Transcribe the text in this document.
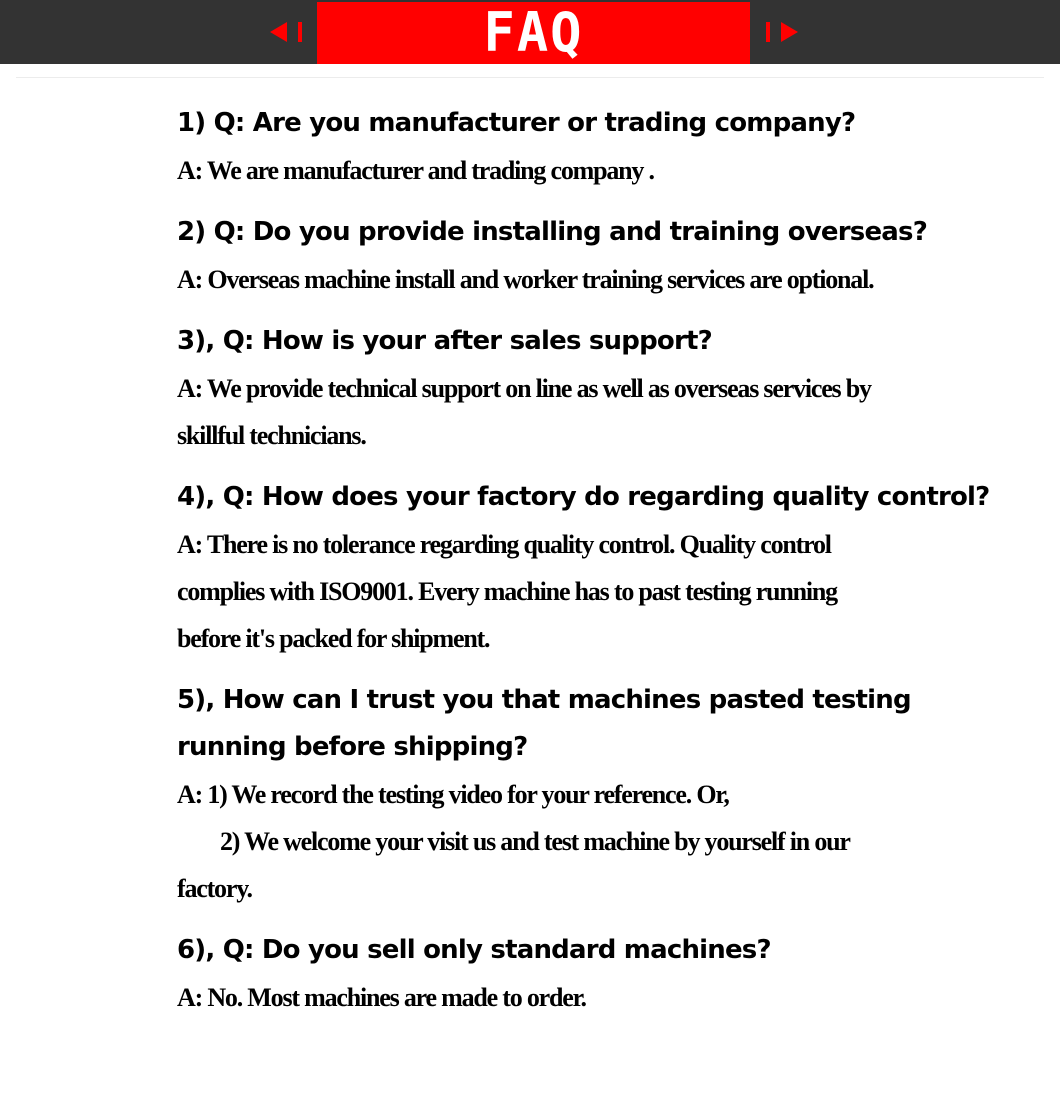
FAQ

1) Q: Are you manufacturer or trading company?

A: We are manufacturer and trading company .

2) Q: Do you provide installing and training overseas?

A: Overseas machine install and worker training services are optional.

3), Q: How is your after sales support?

A: We provide technical support on line as well as overseas services by

skillful technicians.

4), Q: How does your factory do regarding quality control?

A: There is no tolerance regarding quality control. Quality control

complies with ISO9001. Every machine has to past testing running

before it's packed for shipment.

5), How can I trust you that machines pasted testing

running before shipping?

A: 1) We record the testing video for your reference. Or,

2) We welcome your visit us and test machine by yourself in our

factory.

6), Q: Do you sell only standard machines?

A: No. Most machines are made to order.
